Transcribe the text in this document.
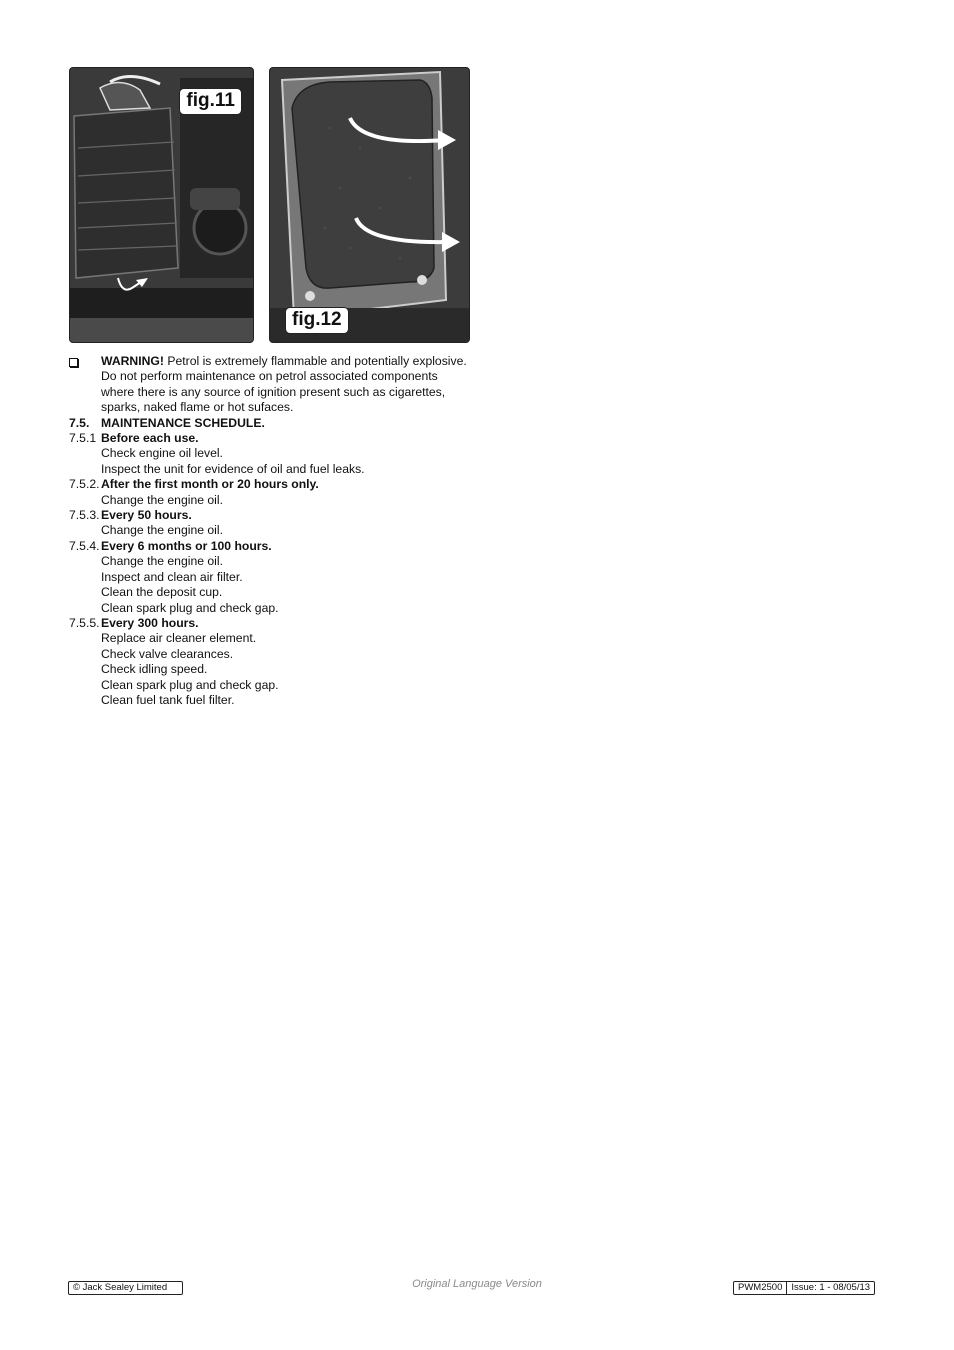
fig.11
fig.12
WARNING! Petrol is extremely flammable and potentially explosive. Do not perform maintenance on petrol associated components where there is any source of ignition present such as cigarettes, sparks, naked flame or hot sufaces.
7.5. MAINTENANCE SCHEDULE.
7.5.1 Before each use.
Check engine oil level.
Inspect the unit for evidence of oil and fuel leaks.
7.5.2. After the first month or 20 hours only.
Change the engine oil.
7.5.3. Every 50 hours.
Change the engine oil.
7.5.4. Every 6 months or 100 hours.
Change the engine oil.
Inspect and clean air filter.
Clean the deposit cup.
Clean spark plug and check gap.
7.5.5. Every 300 hours.
Replace air cleaner element.
Check valve clearances.
Check idling speed.
Clean spark plug and check gap.
Clean fuel tank fuel filter.
© Jack Sealey Limited	Original Language Version	PWM2500 Issue: 1 - 08/05/13
